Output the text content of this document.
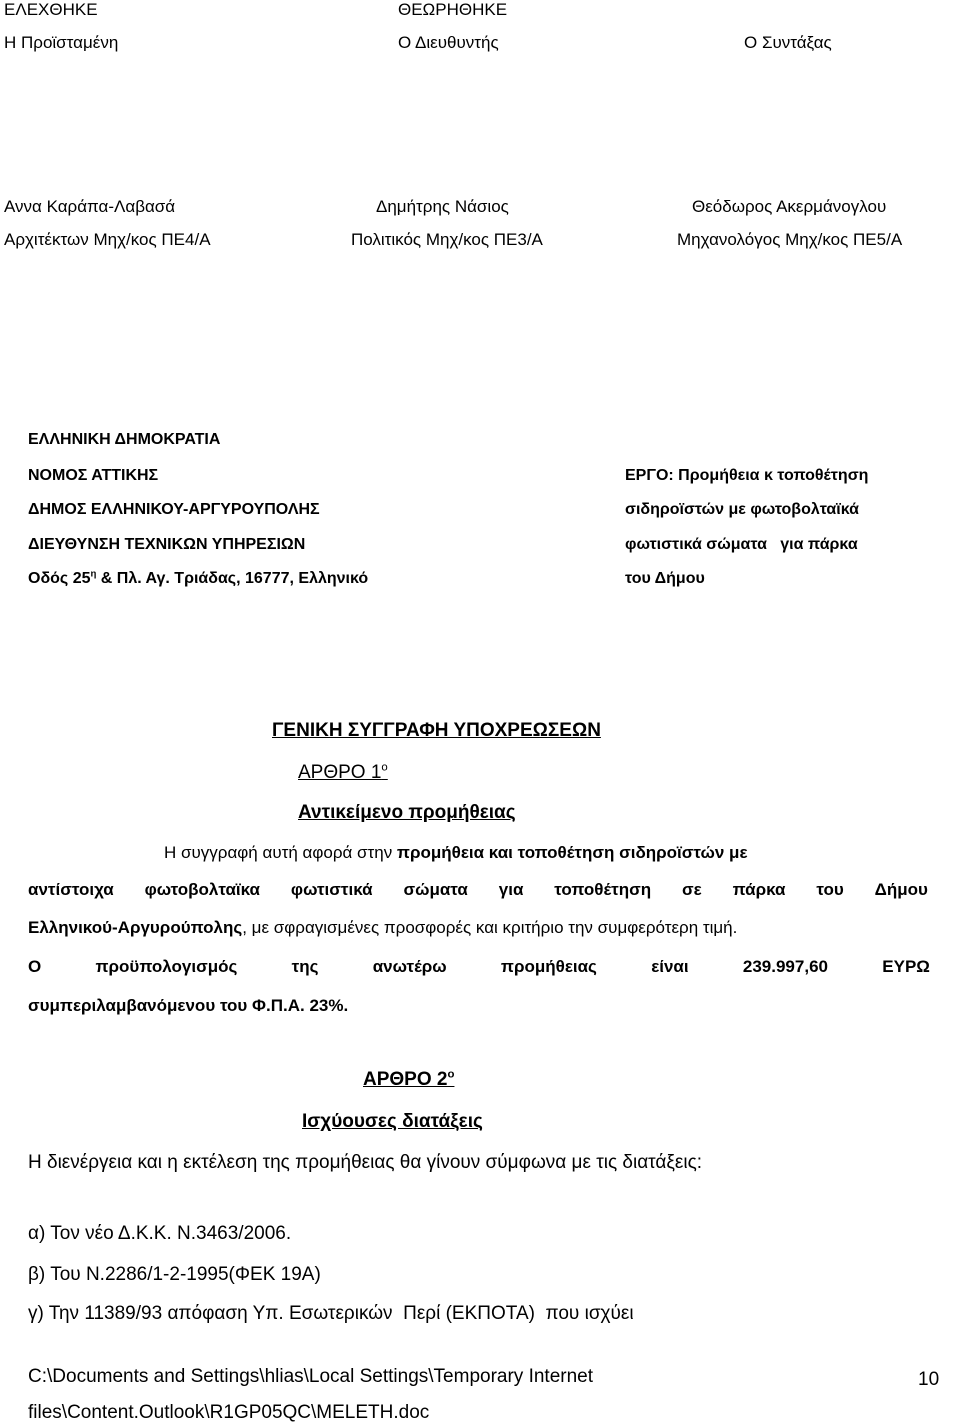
ΕΛΕΧΘΗΚΕ	ΘΕΩΡΗΘΗΚΕ
Η Προϊσταμένη	Ο Διευθυντής	Ο Συντάξας
Αννα Καράπα-Λαβασά	Δημήτρης Νάσιος	Θεόδωρος Ακερμάνογλου
Αρχιτέκτων Μηχ/κος ΠΕ4/Α	Πολιτικός Μηχ/κος ΠΕ3/Α	Μηχανολόγος Μηχ/κος ΠΕ5/Α
ΕΛΛΗΝΙΚΗ ΔΗΜΟΚΡΑΤΙΑ
ΝΟΜΟΣ ΑΤΤΙΚΗΣ
ΔΗΜΟΣ ΕΛΛΗΝΙΚΟΥ-ΑΡΓΥΡΟΥΠΟΛΗΣ
ΔΙΕΥΘΥΝΣΗ ΤΕΧΝΙΚΩΝ ΥΠΗΡΕΣΙΩΝ
Οδός $25^\eta$ & Πλ. Αγ. Τριάδας, 16777, Ελληνικό
ΕΡΓΟ: Προμήθεια κ τοποθέτηση
σιδηροϊστών με φωτοβολταϊκά
φωτιστικά σώματα   για πάρκα
του Δήμου
ΓΕΝΙΚΗ ΣΥΓΓΡΑΦΗ ΥΠΟΧΡΕΩΣΕΩΝ
ΑΡΘΡΟ $1^o$
Αντικείμενο προμήθειας
Η συγγραφή αυτή αφορά στην προμήθεια και τοποθέτηση σιδηροϊστών με
αντίστοιχα φωτοβολταϊκα φωτιστικά σώματα για τοποθέτηση σε πάρκα του Δήμου
Ελληνικού-Αργυρούπολης, με σφραγισμένες προσφορές και κριτήριο την συμφερότερη τιμή.
Ο	προϋπολογισμός	της	ανωτέρω	προμήθειας	είναι	239.997,60	ΕΥΡΩ
συμπεριλαμβανόμενου του Φ.Π.Α. 23%.
ΑΡΘΡΟ $2^o$
Ισχύουσες διατάξεις
Η διενέργεια και η εκτέλεση της προμήθειας θα γίνουν σύμφωνα με τις διατάξεις:
α) Τον νέο Δ.Κ.Κ. Ν.3463/2006.
β) Του Ν.2286/1-2-1995(ΦΕΚ 19Α)
γ) Την 11389/93 απόφαση Υπ. Εσωτερικών  Περί (ΕΚΠΟΤΑ)  που ισχύει
C:\Documents and Settings\hlias\Local Settings\Temporary Internet
files\Content.Outlook\R1GP05QC\MELETH.doc
10
